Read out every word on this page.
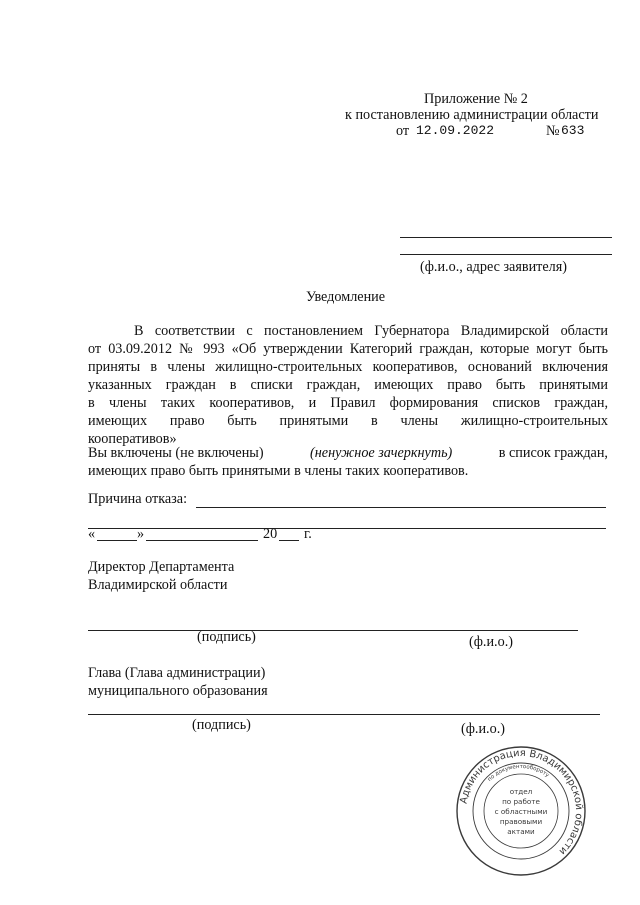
Приложение № 2
к постановлению администрации области
от 12.09.2022	№ 633
(ф.и.о., адрес заявителя)
Уведомление
В соответствии с постановлением Губернатора Владимирской области
от 03.09.2012 № 993 «Об утверждении Категорий граждан, которые могут быть
приняты в члены жилищно-строительных кооперативов, оснований включения
указанных граждан в списки граждан, имеющих право быть принятыми
в члены таких кооперативов, и Правил формирования списков граждан,
имеющих право быть принятыми в члены жилищно-строительных
кооперативов»
Вы включены (не включены)	(ненужное зачеркнуть)	в список граждан,
имеющих право быть принятыми в члены таких кооперативов.
Причина отказа:
«	»	20 г.
Директор Департамента
Владимирской области
(подпись)	(ф.и.о.)
Глава (Глава администрации)
муниципального образования
(подпись)	(ф.и.о.)
Администрация Владимирской области
по документообороту
отдел
по работе
с областными
правовыми
актами
